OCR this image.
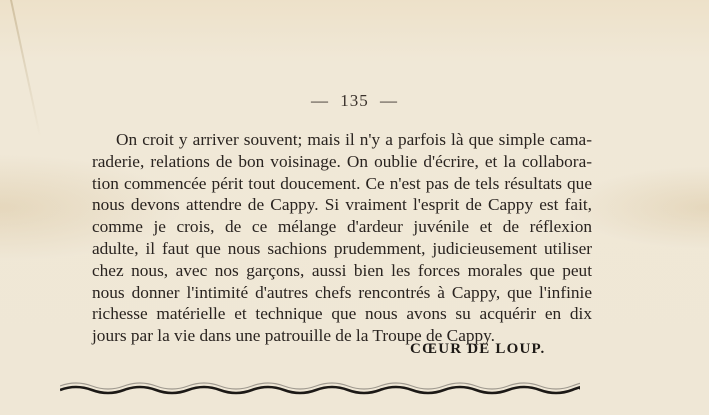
— 135 —
On croit y arriver souvent; mais il n'y a parfois là que simple cama-
raderie, relations de bon voisinage. On oublie d'écrire, et la collabora-
tion commencée périt tout doucement. Ce n'est pas de tels résultats que
nous devons attendre de Cappy. Si vraiment l'esprit de Cappy est fait,
comme je crois, de ce mélange d'ardeur juvénile et de réflexion
adulte, il faut que nous sachions prudemment, judicieusement utiliser
chez nous, avec nos garçons, aussi bien les forces morales que peut
nous donner l'intimité d'autres chefs rencontrés à Cappy, que l'infinie
richesse matérielle et technique que nous avons su acquérir en dix
jours par la vie dans une patrouille de la Troupe de Cappy.
CŒUR DE LOUP.
